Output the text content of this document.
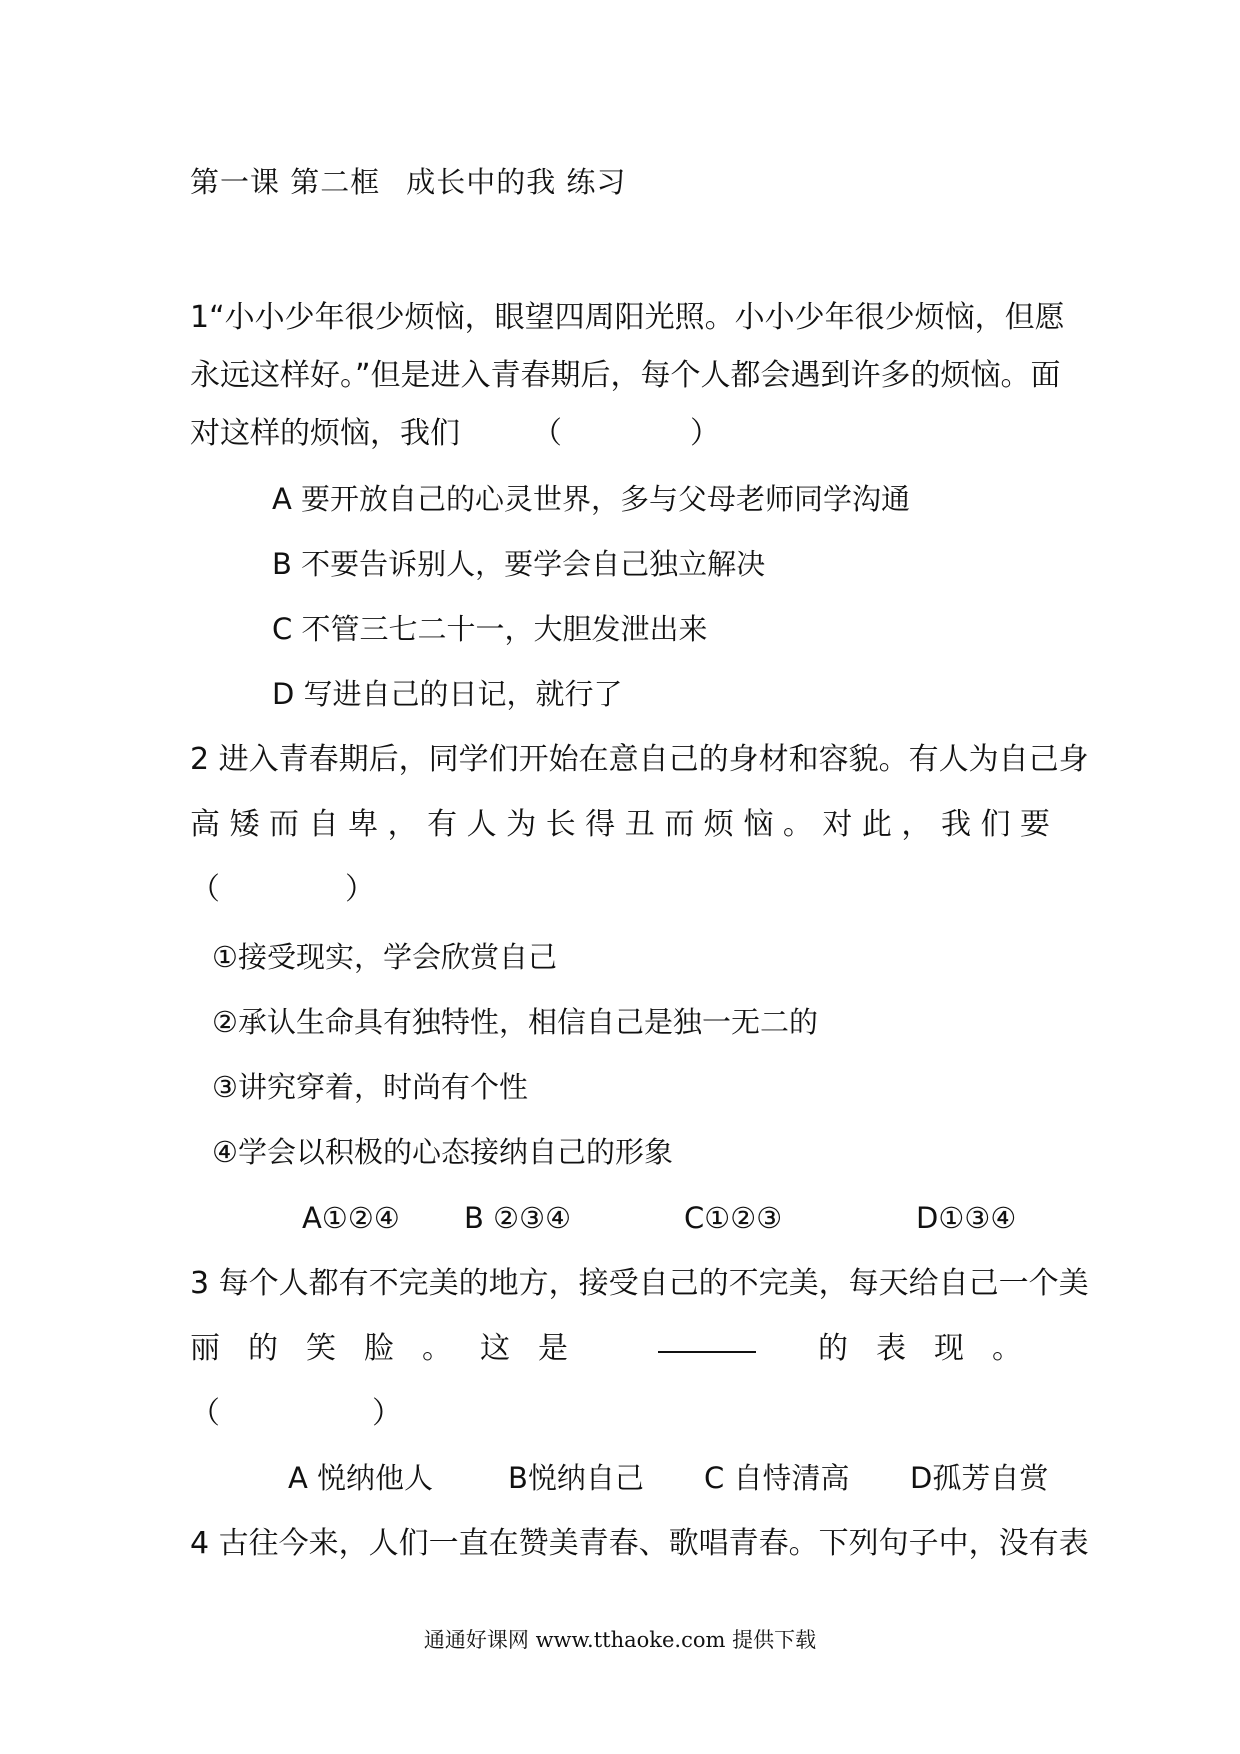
第一课 第二框 成长中的我 练习
1“小小少年很少烦恼，眼望四周阳光照。小小少年很少烦恼，但愿
永远这样好。”但是进入青春期后，每个人都会遇到许多的烦恼。面
对这样的烦恼，我们	（	）
A 要开放自己的心灵世界，多与父母老师同学沟通
B 不要告诉别人，要学会自己独立解决
C 不管三七二十一，大胆发泄出来
D 写进自己的日记，就行了
2 进入青春期后，同学们开始在意自己的身材和容貌。有人为自己身
高矮而自卑，有人为长得丑而烦恼。对此，我们要
（	）
①接受现实，学会欣赏自己
②承认生命具有独特性，相信自己是独一无二的
③讲究穿着，时尚有个性
④学会以积极的心态接纳自己的形象
A①②④ B ②③④	C①②③	D①③④
3 每个人都有不完美的地方，接受自己的不完美，每天给自己一个美
丽的笑脸。这是	的表现。
（	）
A 悦纳他人	B悦纳自己 C 自恃清高 D孤芳自赏
4 古往今来，人们一直在赞美青春、歌唱青春。下列句子中，没有表
通通好课网 www.tthaoke.com 提供下载
